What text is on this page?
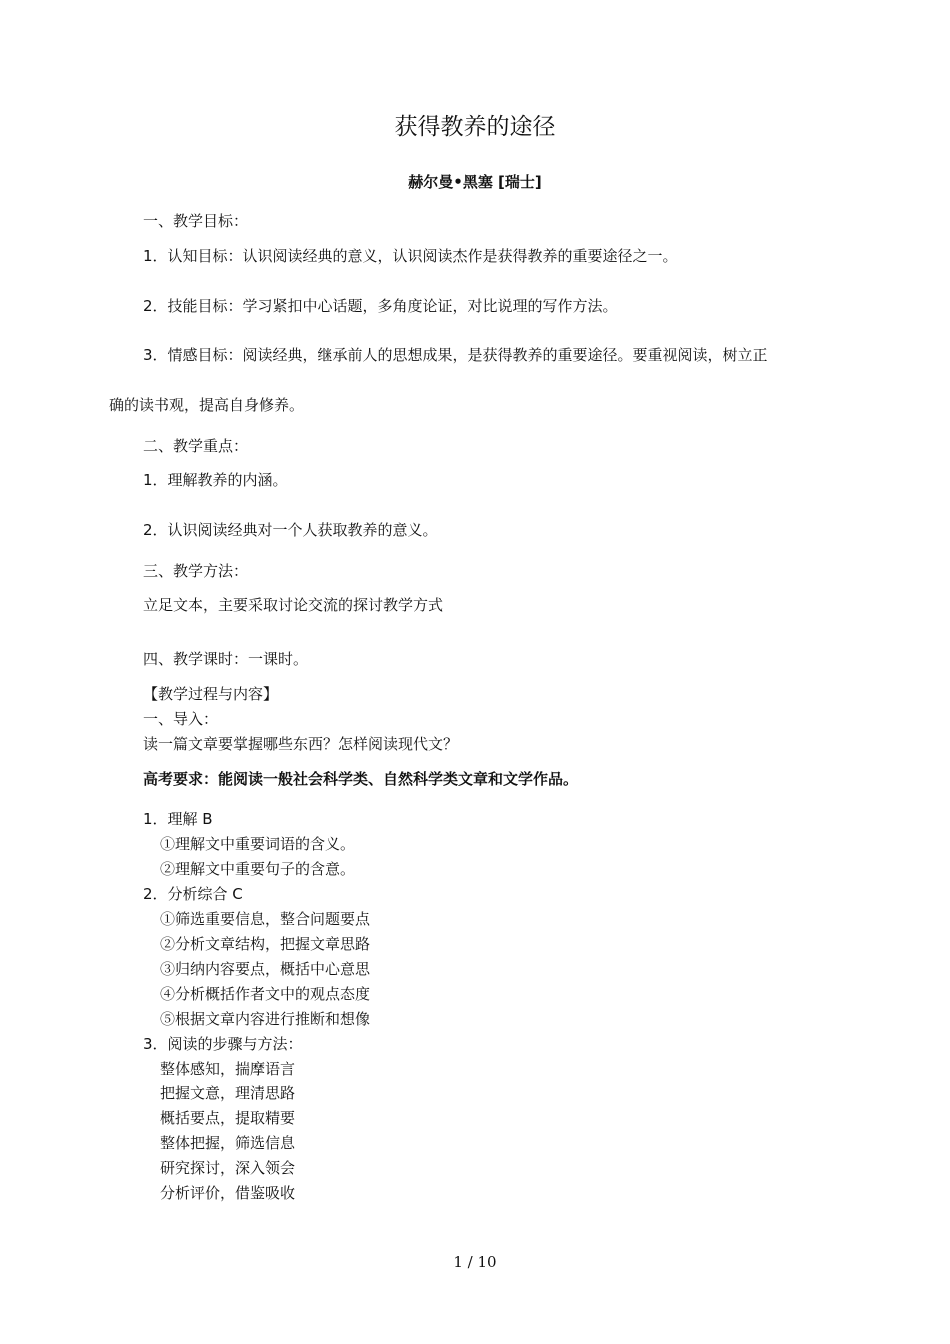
获得教养的途径
赫尔曼•黑塞 [瑞士]
一、教学目标：
1．认知目标：认识阅读经典的意义，认识阅读杰作是获得教养的重要途径之一。
2．技能目标：学习紧扣中心话题，多角度论证，对比说理的写作方法。
3．情感目标：阅读经典，继承前人的思想成果，是获得教养的重要途径。要重视阅读，树立正
确的读书观，提高自身修养。
二、教学重点：
1．理解教养的内涵。
2．认识阅读经典对一个人获取教养的意义。
三、教学方法：
立足文本，主要采取讨论交流的探讨教学方式
四、教学课时：一课时。
【教学过程与内容】
一、导入：
读一篇文章要掌握哪些东西？怎样阅读现代文？
高考要求：能阅读一般社会科学类、自然科学类文章和文学作品。
1．理解 B
①理解文中重要词语的含义。
②理解文中重要句子的含意。
2．分析综合 C
①筛选重要信息，整合问题要点
②分析文章结构，把握文章思路
③归纳内容要点，概括中心意思
④分析概括作者文中的观点态度
⑤根据文章内容进行推断和想像
3．阅读的步骤与方法：
整体感知，揣摩语言
把握文意，理清思路
概括要点，提取精要
整体把握，筛选信息
研究探讨，深入领会
分析评价，借鉴吸收
1 / 10
